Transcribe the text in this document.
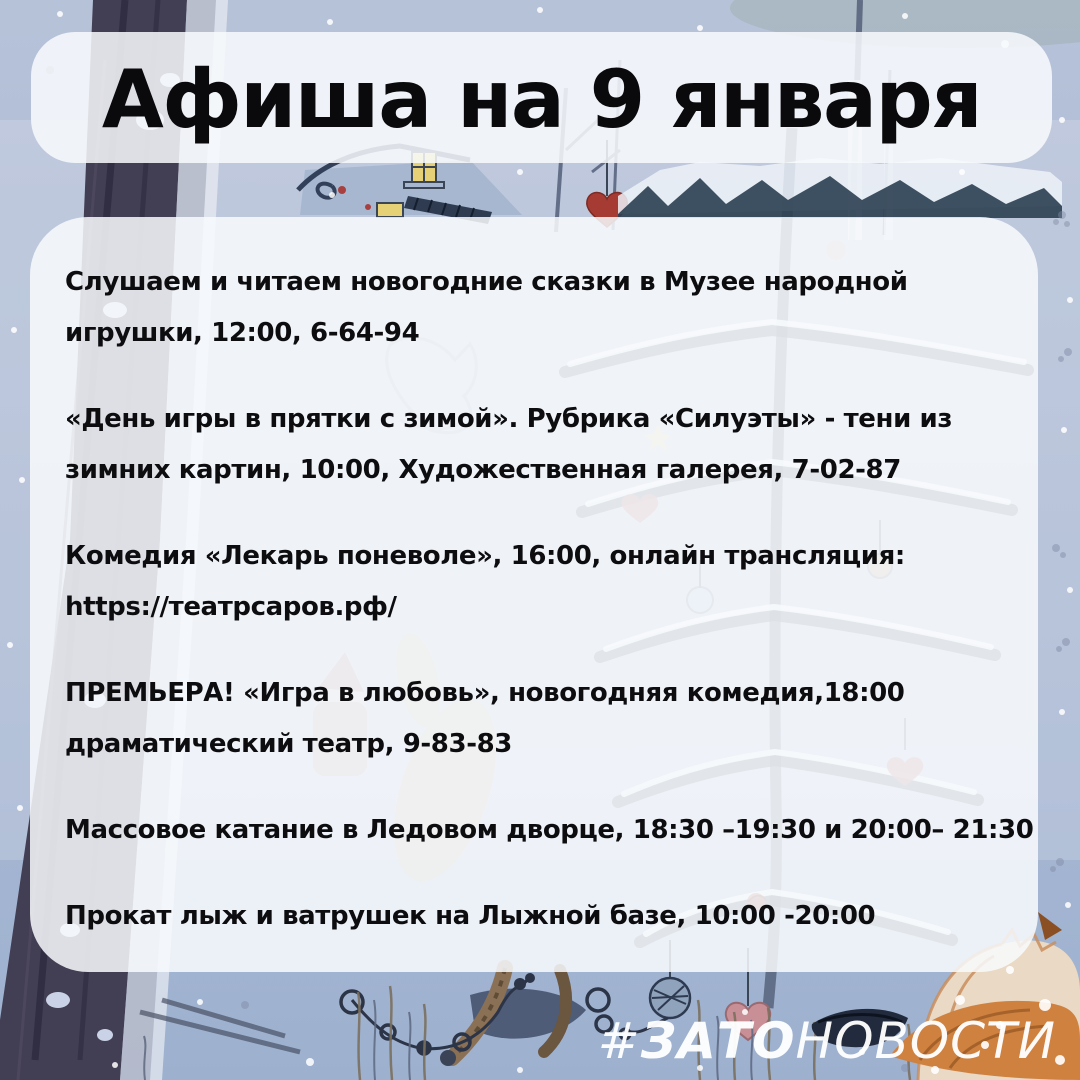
Афиша на 9 января

Слушаем и читаем новогодние сказки в Музее народной
игрушки, 12:00, 6-64-94

«День игры в прятки с зимой». Рубрика «Силуэты» - тени из
зимних картин, 10:00, Художественная галерея, 7-02-87

Комедия «Лекарь поневоле», 16:00, онлайн трансляция:
https://театрсаров.рф/

ПРЕМЬЕРА! «Игра в любовь», новогодняя комедия,18:00
драматический театр, 9-83-83

Массовое катание в Ледовом дворце, 18:30 –19:30 и 20:00– 21:30

Прокат лыж и ватрушек на Лыжной базе, 10:00 -20:00

#ЗАТОНОВОСТИ
